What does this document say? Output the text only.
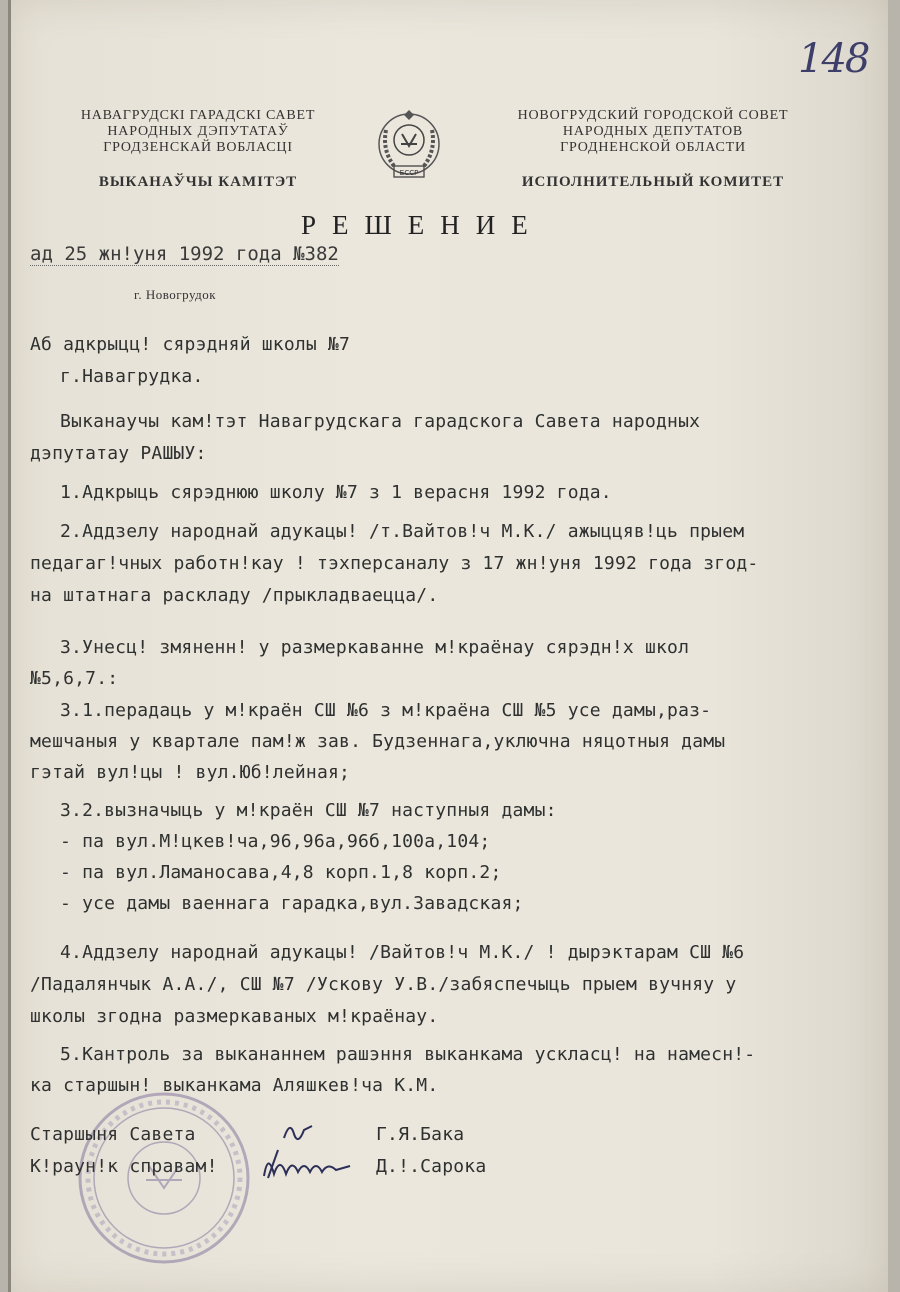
148
НАВАГРУДСКІ ГАРАДСКІ САВЕТ
НАРОДНЫХ ДЭПУТАТАЎ
ГРОДЗЕНСКАЙ ВОБЛАСЦІ
ВЫКАНАЎЧЫ КАМІТЭТ
БССР
НОВОГРУДСКИЙ ГОРОДСКОЙ СОВЕТ
НАРОДНЫХ ДЕПУТАТОВ
ГРОДНЕНСКОЙ ОБЛАСТИ
ИСПОЛНИТЕЛЬНЫЙ КОМИТЕТ
РЕШЕНИЕ
ад 25 жн!уня 1992 года №382
г. Новогрудок
Аб адкрыцц! сярэдняй школы №7
г.Навагрудка.
Выканаучы кам!тэт Навагрудскага гарадскога Савета народных
дэпутатау РАШЫУ:
1.Адкрыць сярэднюю школу №7 з 1 верасня 1992 года.
2.Аддзелу народнай адукацы! /т.Вайтов!ч М.К./ ажыццяв!ць прыем
педагаг!чных работн!кау ! тэхперсаналу з 17 жн!уня 1992 года згод-
на штатнага раскладу /прыкладваецца/.
3.Унесц! змяненн! у размеркаванне м!краёнау сярэдн!х школ
№5,6,7.:
3.1.перадаць у м!краён СШ №6 з м!краёна СШ №5 усе дамы,раз-
мешчаныя у квартале пам!ж зав. Будзеннага,уключна няцотныя дамы
гэтай вул!цы ! вул.Юб!лейная;
3.2.вызначыць у м!краён СШ №7 наступныя дамы:
- па вул.М!цкев!ча,96,96а,96б,100а,104;
- па вул.Ламаносава,4,8 корп.1,8 корп.2;
- усе дамы ваеннага гарадка,вул.Завадская;
4.Аддзелу народнай адукацы! /Вайтов!ч М.К./ ! дырэктарам СШ №6
/Падалянчык А.А./, СШ №7 /Ускову У.В./забяспечыць прыем вучняу у
школы згодна размеркаваных м!краёнау.
5.Кантроль за выкананнем рашэння выканкама ускласц! на намесн!-
ка старшын! выканкама Аляшкев!ча К.М.
Старшыня Савета	Г.Я.Бака
К!раун!к справам!	Д.!.Сарока
